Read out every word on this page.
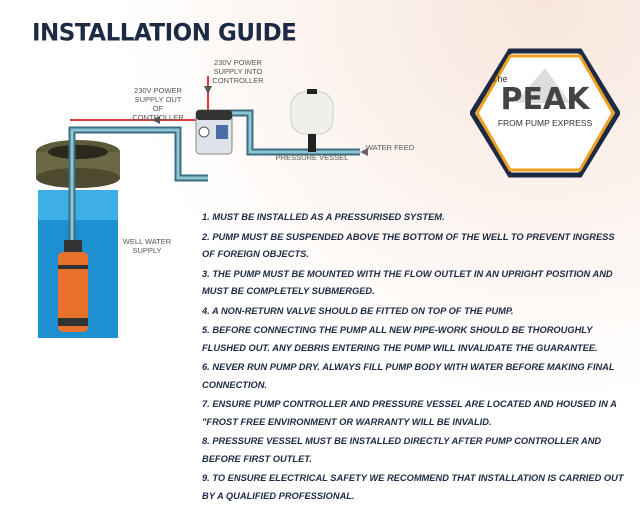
INSTALLATION GUIDE
230V POWER SUPPLY INTO CONTROLLER
230V POWER SUPPLY OUT OF CONTROLLER
PRESSURE VESSEL
WATER FEED
WELL WATER SUPPLY
The
PEAK
FROM PUMP EXPRESS

1. MUST BE INSTALLED AS A PRESSURISED SYSTEM.

2. PUMP MUST BE SUSPENDED ABOVE THE BOTTOM OF THE WELL TO PREVENT INGRESS OF FOREIGN OBJECTS.

3. THE PUMP MUST BE MOUNTED WITH THE FLOW OUTLET IN AN UPRIGHT POSITION AND MUST BE COMPLETELY SUBMERGED.

4. A NON-RETURN VALVE SHOULD BE FITTED ON TOP OF THE PUMP.

5. BEFORE CONNECTING THE PUMP ALL NEW PIPE-WORK SHOULD BE THOROUGHLY FLUSHED OUT. ANY DEBRIS ENTERING THE PUMP WILL INVALIDATE THE GUARANTEE.

6. NEVER RUN PUMP DRY. ALWAYS FILL PUMP BODY WITH WATER BEFORE MAKING FINAL CONNECTION.

7. ENSURE PUMP CONTROLLER AND PRESSURE VESSEL ARE LOCATED AND HOUSED IN A "FROST FREE ENVIRONMENT OR WARRANTY WILL BE INVALID.

8. PRESSURE VESSEL MUST BE INSTALLED DIRECTLY AFTER PUMP CONTROLLER AND BEFORE FIRST OUTLET.

9. TO ENSURE ELECTRICAL SAFETY WE RECOMMEND THAT INSTALLATION IS CARRIED OUT BY A QUALIFIED PROFESSIONAL.
